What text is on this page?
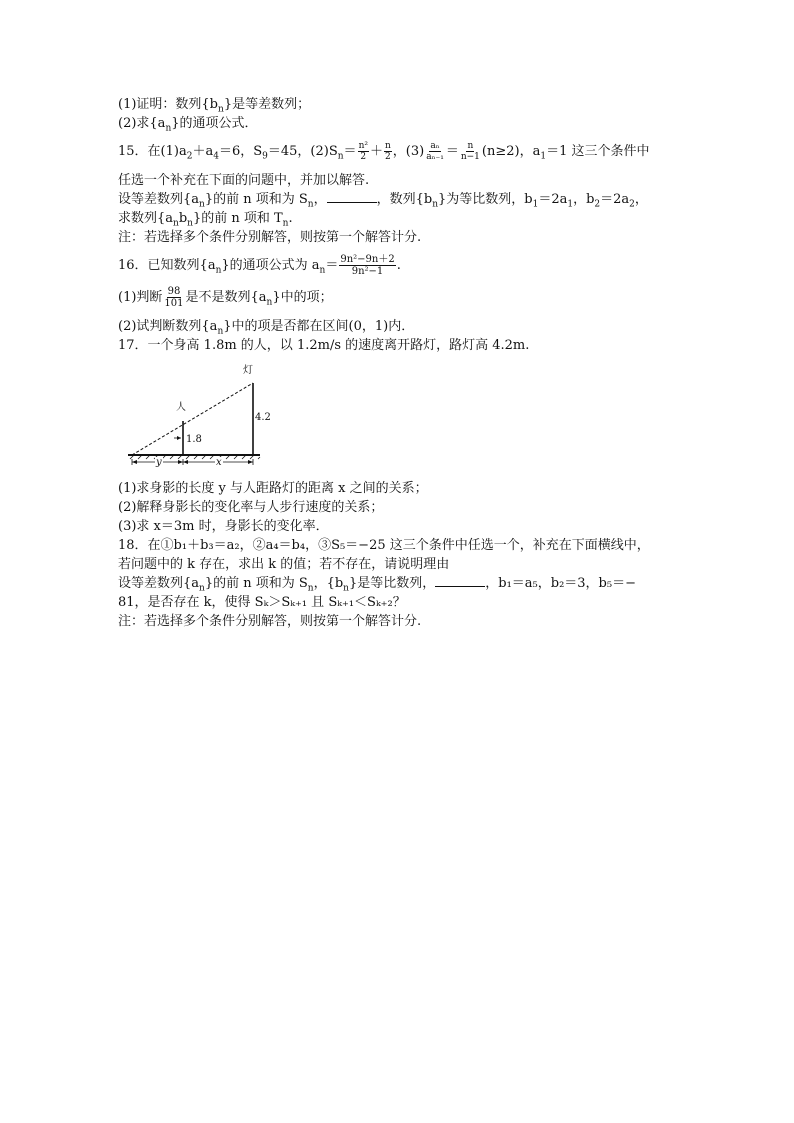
(1)证明：数列$\{b_n\}$是等差数列；
(2)求$\{a_n\}$的通项公式．
15．在$(1)a_2+a_4=6$，$S_9=45$，$(2)S_n= \frac{\text{n²}}{2} + \frac{n}{2}$ ，$(3) \frac{\text{aₙ}}{\text{aₙ₋₁}} = \frac{n}{n-1} (n\ge 2)$，$a_1=1$ 这三个条件中
任选一个补充在下面的问题中，并加以解答.
设等差数列$\{a_n\}$的前 n 项和为 $S_n$，	，数列$\{b_n\}$为等比数列，$b_1=2a_1$，$b_2=2a_2$，
求数列$\{a_nb_n\}$的前 n 项和 $T_n$.
注：若选择多个条件分别解答，则按第一个解答计分.
16．已知数列$\{a_n\}$的通项公式为 $a_n= \frac{\text{9n²−9n＋2}}{\text{9n²−1}}$ .
(1)判断 $\frac{98}{101}$ 是不是数列$\{a_n\}$中的项；
(2)试判断数列$\{a_n\}$中的项是否都在区间(0，1)内．
17．一个身高 1.8m 的人，以 1.2m/s 的速度离开路灯，路灯高 4.2m.
灯
人
1.8
4.2
y	x
(1)求身影的长度 y 与人距路灯的距离 x 之间的关系；
(2)解释身影长的变化率与人步行速度的关系；
(3)求 x＝3m 时，身影长的变化率．
18．在①b₁＋b₃＝a₂，②a₄＝b₄，③S₅＝−25 这三个条件中任选一个，补充在下面横线中，
若问题中的 k 存在，求出 k 的值；若不存在，请说明理由
设等差数列$\{a_n\}$的前 n 项和为 $S_n$，$\{b_n\}$是等比数列，	，b₁＝a₅，b₂＝3，b₅＝−
81，是否存在 k，使得 Sₖ＞Sₖ₊₁ 且 Sₖ₊₁＜Sₖ₊₂？
注：若选择多个条件分别解答，则按第一个解答计分.
